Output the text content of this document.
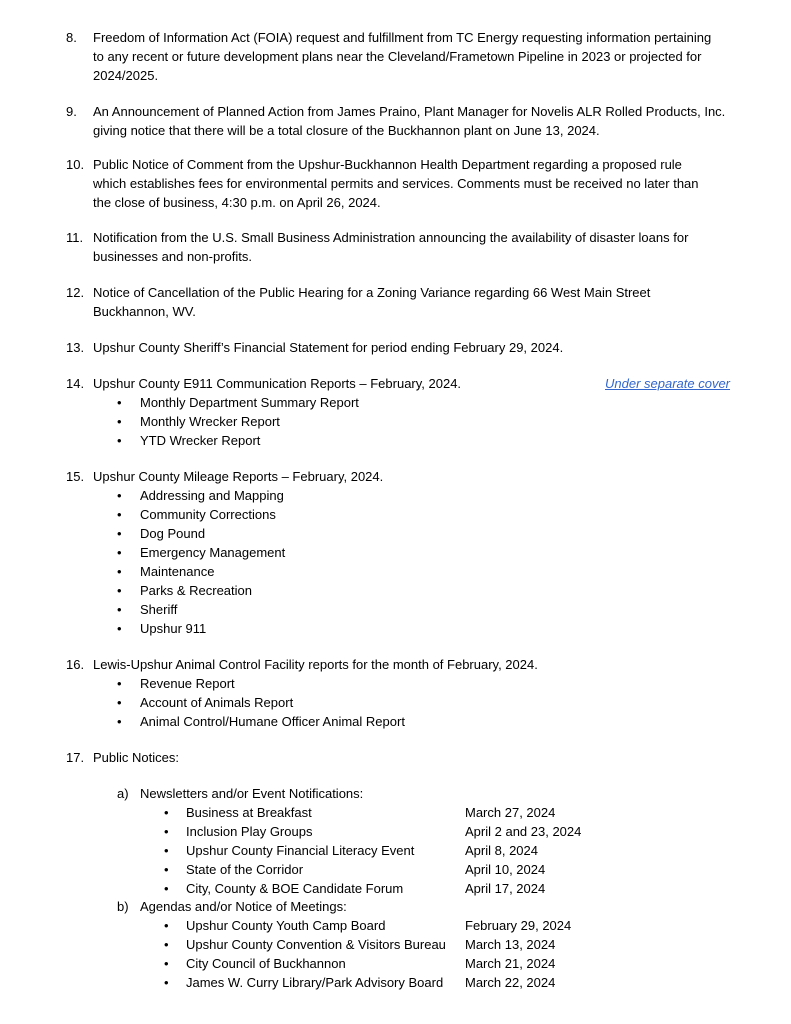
8. Freedom of Information Act (FOIA) request and fulfillment from TC Energy requesting information pertaining
to any recent or future development plans near the Cleveland/Frametown Pipeline in 2023 or projected for
2024/2025.
9. An Announcement of Planned Action from James Praino, Plant Manager for Novelis ALR Rolled Products, Inc.
giving notice that there will be a total closure of the Buckhannon plant on June 13, 2024.
10. Public Notice of Comment from the Upshur-Buckhannon Health Department regarding a proposed rule
which establishes fees for environmental permits and services. Comments must be received no later than
the close of business, 4:30 p.m. on April 26, 2024.
11. Notification from the U.S. Small Business Administration announcing the availability of disaster loans for
businesses and non-profits.
12. Notice of Cancellation of the Public Hearing for a Zoning Variance regarding 66 West Main Street
Buckhannon, WV.
13. Upshur County Sheriff’s Financial Statement for period ending February 29, 2024.
14. Upshur County E911 Communication Reports – February, 2024.	Under separate cover
•	Monthly Department Summary Report
•	Monthly Wrecker Report
•	YTD Wrecker Report
15. Upshur County Mileage Reports – February, 2024.
•	Addressing and Mapping
•	Community Corrections
•	Dog Pound
•	Emergency Management
•	Maintenance
•	Parks & Recreation
•	Sheriff
•	Upshur 911
16. Lewis-Upshur Animal Control Facility reports for the month of February, 2024.
•	Revenue Report
•	Account of Animals Report
•	Animal Control/Humane Officer Animal Report
17. Public Notices:
a) Newsletters and/or Event Notifications:
• Business at Breakfast	March 27, 2024
• Inclusion Play Groups	April 2 and 23, 2024
• Upshur County Financial Literacy Event	April 8, 2024
• State of the Corridor	April 10, 2024
• City, County & BOE Candidate Forum	April 17, 2024
b) Agendas and/or Notice of Meetings:
• Upshur County Youth Camp Board	February 29, 2024
• Upshur County Convention & Visitors Bureau March 13, 2024
• City Council of Buckhannon	March 21, 2024
• James W. Curry Library/Park Advisory Board March 22, 2024
